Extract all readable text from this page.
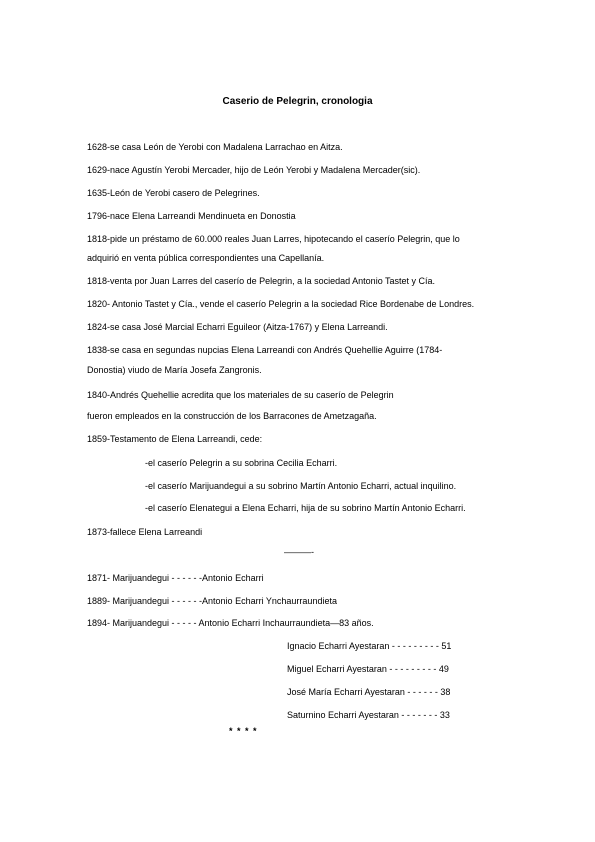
Caserio de Pelegrin, cronologia
1628-se casa León de Yerobi con Madalena Larrachao en Aitza.
1629-nace Agustín Yerobi Mercader, hijo de León Yerobi y Madalena Mercader(sic).
1635-León de Yerobi casero de Pelegrines.
1796-nace Elena Larreandi Mendinueta en Donostia
1818-pide un préstamo de 60.000 reales Juan Larres, hipotecando el caserío Pelegrin, que lo
adquirió en venta pública correspondientes una Capellanía.
1818-venta por Juan Larres del caserío de Pelegrin, a la sociedad Antonio Tastet y Cía.
1820- Antonio Tastet y Cía., vende el caserío Pelegrin a la sociedad Rice Bordenabe de Londres.
1824-se casa José Marcial Echarri Eguileor (Aitza-1767) y Elena Larreandi.
1838-se casa en segundas nupcias Elena Larreandi con Andrés Quehellie Aguirre (1784-
Donostia) viudo de María Josefa Zangronis.
1840-Andrés Quehellie acredita que los materiales de su caserío de Pelegrin
fueron empleados en la construcción de los Barracones de Ametzagaña.
1859-Testamento de Elena Larreandi, cede:
-el caserío Pelegrin a su sobrina Cecilia Echarri.
-el caserío Marijuandegui a su sobrino Martín Antonio Echarri, actual inquilino.
-el caserío Elenategui a Elena Echarri, hija de su sobrino Martín Antonio Echarri.
1873-fallece Elena Larreandi
———-
1871- Marijuandegui - - - - - -Antonio Echarri
1889- Marijuandegui - - - - - -Antonio Echarri Ynchaurraundieta
1894- Marijuandegui - - - - - Antonio Echarri Inchaurraundieta—83 años.
Ignacio Echarri Ayestaran - - - - - - - - - 51
Miguel Echarri Ayestaran - - - - - - - - - 49
José María Echarri Ayestaran - - - - - - 38
Saturnino Echarri Ayestaran - - - - - - - 33
* * * *
